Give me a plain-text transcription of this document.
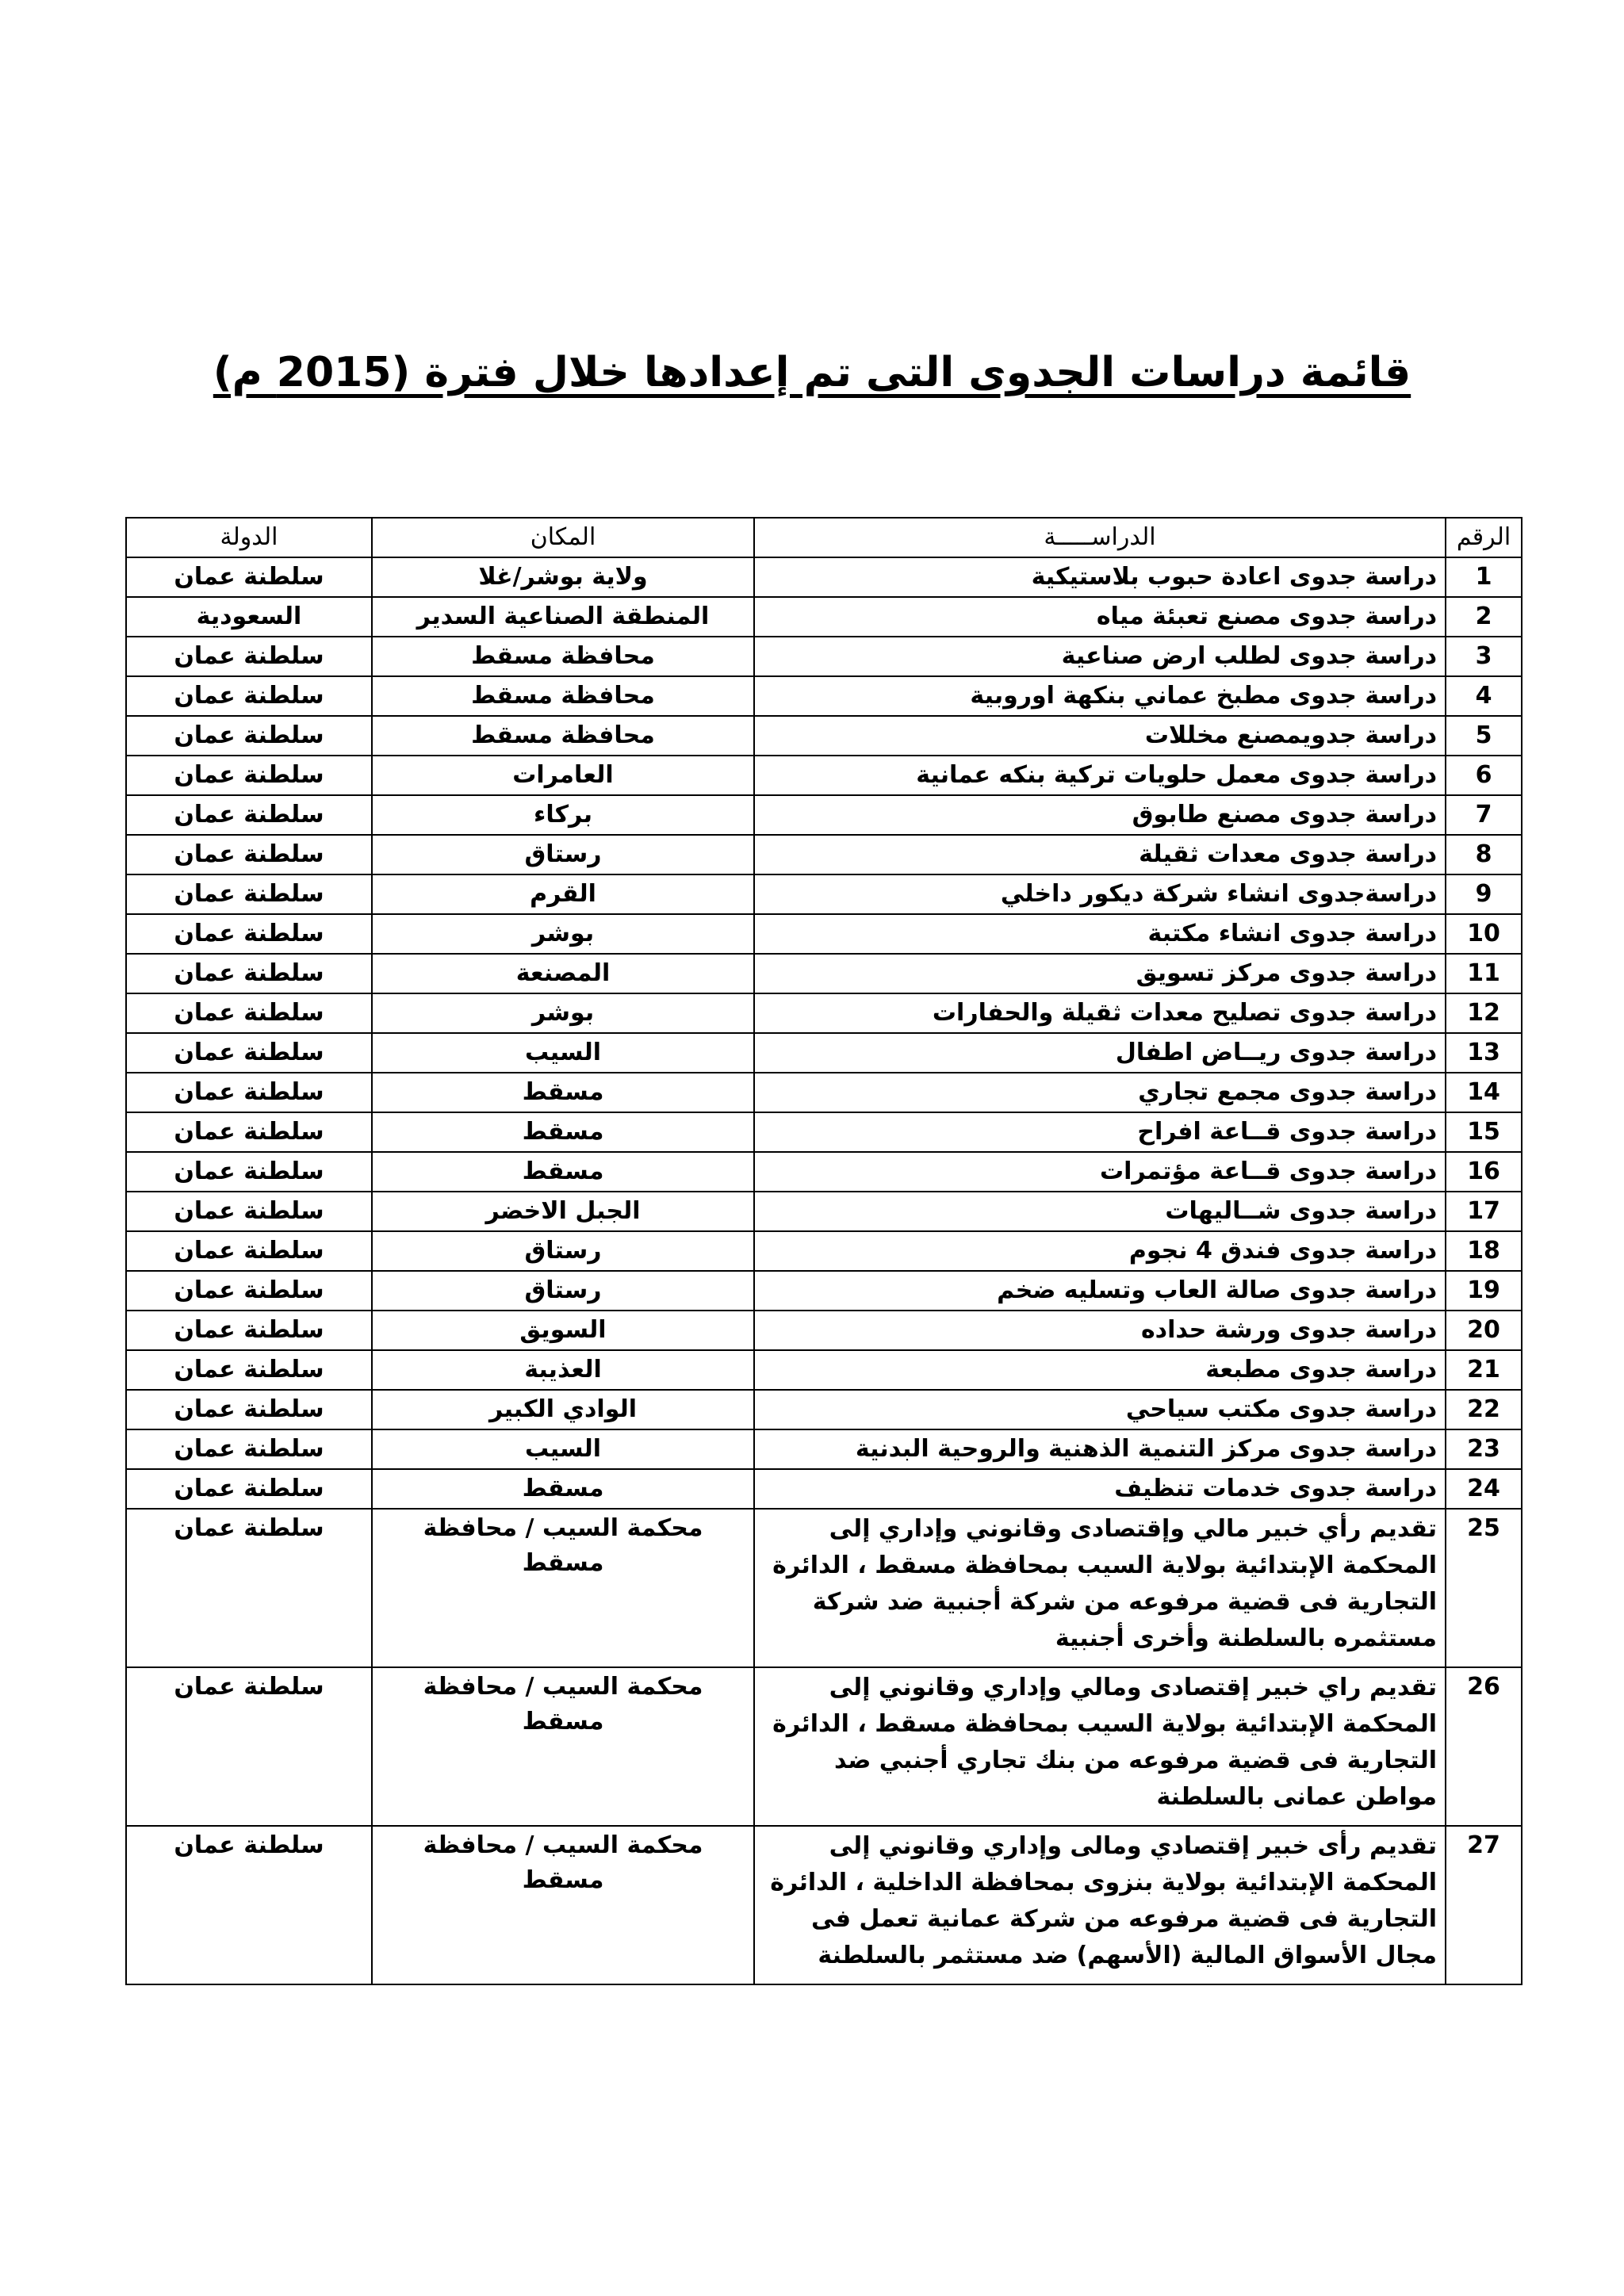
قائمة دراسات الجدوى التى تم إعدادها خلال فترة (2015 م)
الرقم	الدراســـــة	المكان	الدولة
1	دراسة جدوى اعادة حبوب بلاستيكية	ولاية بوشر/غلا	سلطنة عمان
2	دراسة جدوى مصنع تعبئة مياه	المنطقة الصناعية السدير	السعودية
3	دراسة جدوى لطلب ارض صناعية	محافظة مسقط	سلطنة عمان
4	دراسة جدوى مطبخ عماني بنكهة اوروبية	محافظة مسقط	سلطنة عمان
5	دراسة جدويمصنع مخللات	محافظة مسقط	سلطنة عمان
6	دراسة جدوى معمل حلويات تركية بنكه عمانية	العامرات	سلطنة عمان
7	دراسة جدوى مصنع طابوق	بركاء	سلطنة عمان
8	دراسة جدوى معدات ثقيلة	رستاق	سلطنة عمان
9	دراسةجدوى انشاء شركة ديكور داخلي	القرم	سلطنة عمان
10	دراسة جدوى انشاء مكتبة	بوشر	سلطنة عمان
11	دراسة جدوى مركز تسويق	المصنعة	سلطنة عمان
12	دراسة جدوى تصليح معدات ثقيلة والحفارات	بوشر	سلطنة عمان
13	دراسة جدوى ريــاض اطفال	السيب	سلطنة عمان
14	دراسة جدوى مجمع تجاري	مسقط	سلطنة عمان
15	دراسة جدوى قــاعة افراح	مسقط	سلطنة عمان
16	دراسة جدوى قــاعة مؤتمرات	مسقط	سلطنة عمان
17	دراسة جدوى شــاليهات	الجبل الاخضر	سلطنة عمان
18	دراسة جدوى فندق 4 نجوم	رستاق	سلطنة عمان
19	دراسة جدوى صالة العاب وتسليه ضخم	رستاق	سلطنة عمان
20	دراسة جدوى ورشة حداده	السويق	سلطنة عمان
21	دراسة جدوى مطبعة	العذيبة	سلطنة عمان
22	دراسة جدوى مكتب سياحي	الوادي الكبير	سلطنة عمان
23	دراسة جدوى مركز التنمية الذهنية والروحية البدنية	السيب	سلطنة عمان
24	دراسة جدوى خدمات تنظيف	مسقط	سلطنة عمان
25	تقديم رأي خبير مالي وإقتصادى وقانوني وإداري إلى المحكمة الإبتدائية بولاية السيب بمحافظة مسقط ، الدائرة التجارية فى قضية مرفوعه من شركة أجنبية ضد شركة مستثمره بالسلطنة وأخرى أجنبية	محكمة السيب / محافظة مسقط	سلطنة عمان
26	تقديم راي خبير إقتصادى ومالي وإداري وقانوني إلى المحكمة الإبتدائية بولاية السيب بمحافظة مسقط ، الدائرة التجارية فى قضية مرفوعه من بنك تجاري أجنبي ضد مواطن عمانى بالسلطنة	محكمة السيب / محافظة مسقط	سلطنة عمان
27	تقديم رأى خبير إقتصادي ومالى وإداري وقانوني إلى المحكمة الإبتدائية بولاية بنزوى بمحافظة الداخلية ، الدائرة التجارية فى قضية مرفوعه من شركة عمانية تعمل فى مجال الأسواق المالية (الأسهم) ضد مستثمر بالسلطنة	محكمة السيب / محافظة مسقط	سلطنة عمان
